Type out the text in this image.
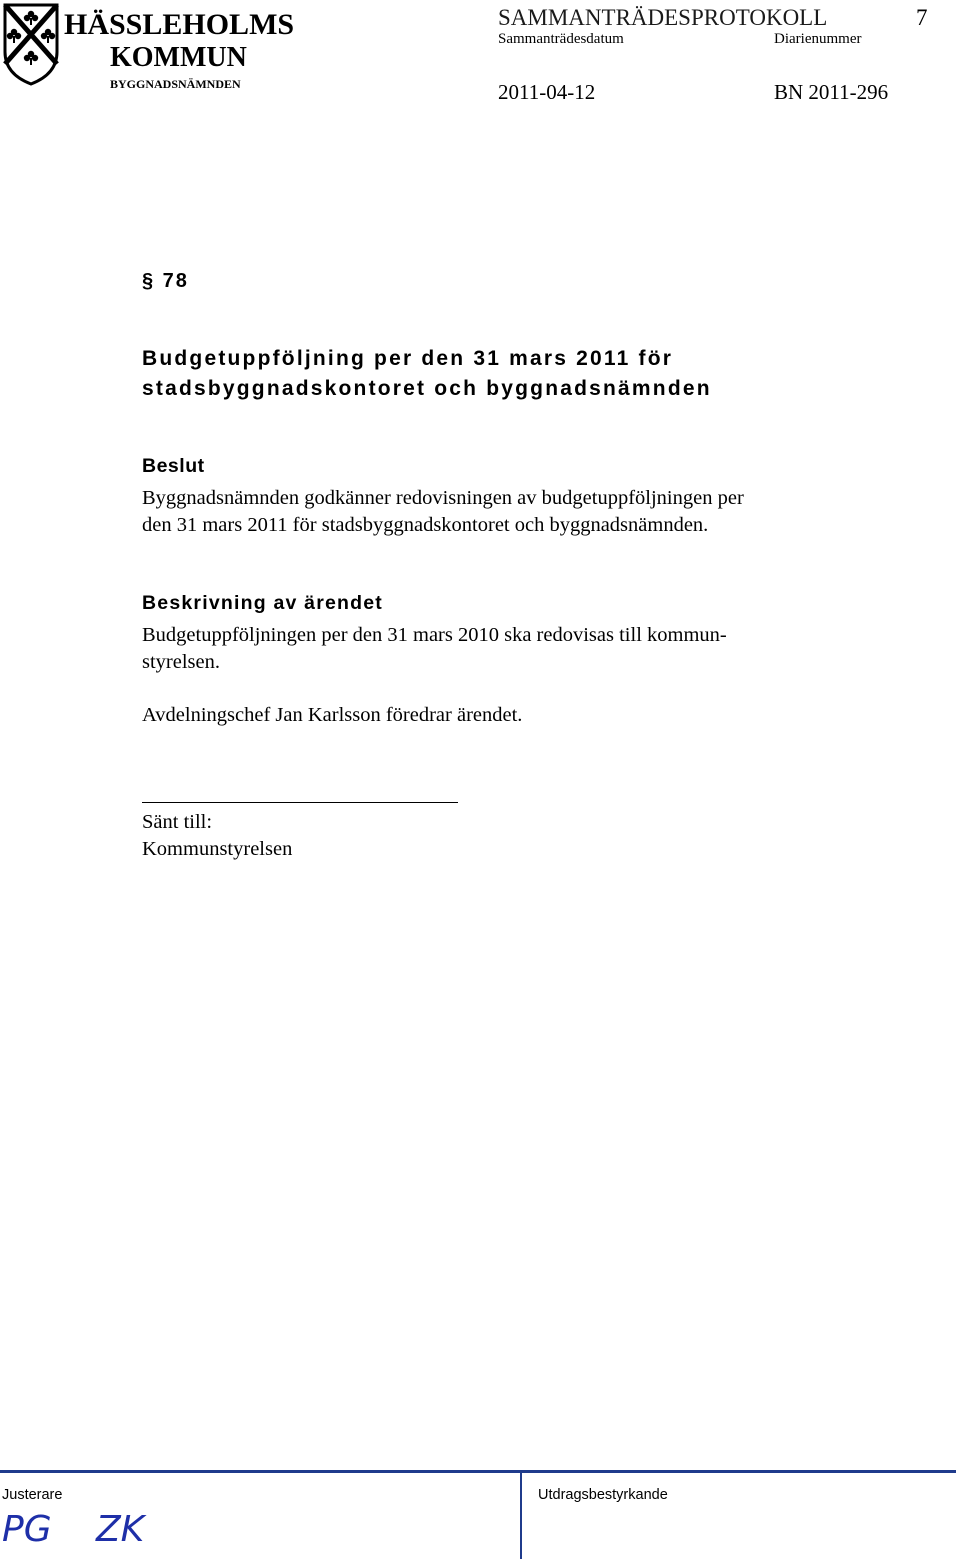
HÄSSLEHOLMS
KOMMUN
BYGGNADSNÄMNDEN
SAMMANTRÄDESPROTOKOLL	7
Sammanträdesdatum	Diarienummer
2011-04-12	BN 2011-296
§ 78
Budgetuppföljning per den 31 mars 2011 för
stadsbyggnadskontoret och byggnadsnämnden
Beslut
Byggnadsnämnden godkänner redovisningen av budgetuppföljningen per
den 31 mars 2011 för stadsbyggnadskontoret och byggnadsnämnden.
Beskrivning av ärendet
Budgetuppföljningen per den 31 mars 2010 ska redovisas till kommun-
styrelsen.
Avdelningschef Jan Karlsson föredrar ärendet.
Sänt till:
Kommunstyrelsen
Justerare	Utdragsbestyrkande
PG ZK
